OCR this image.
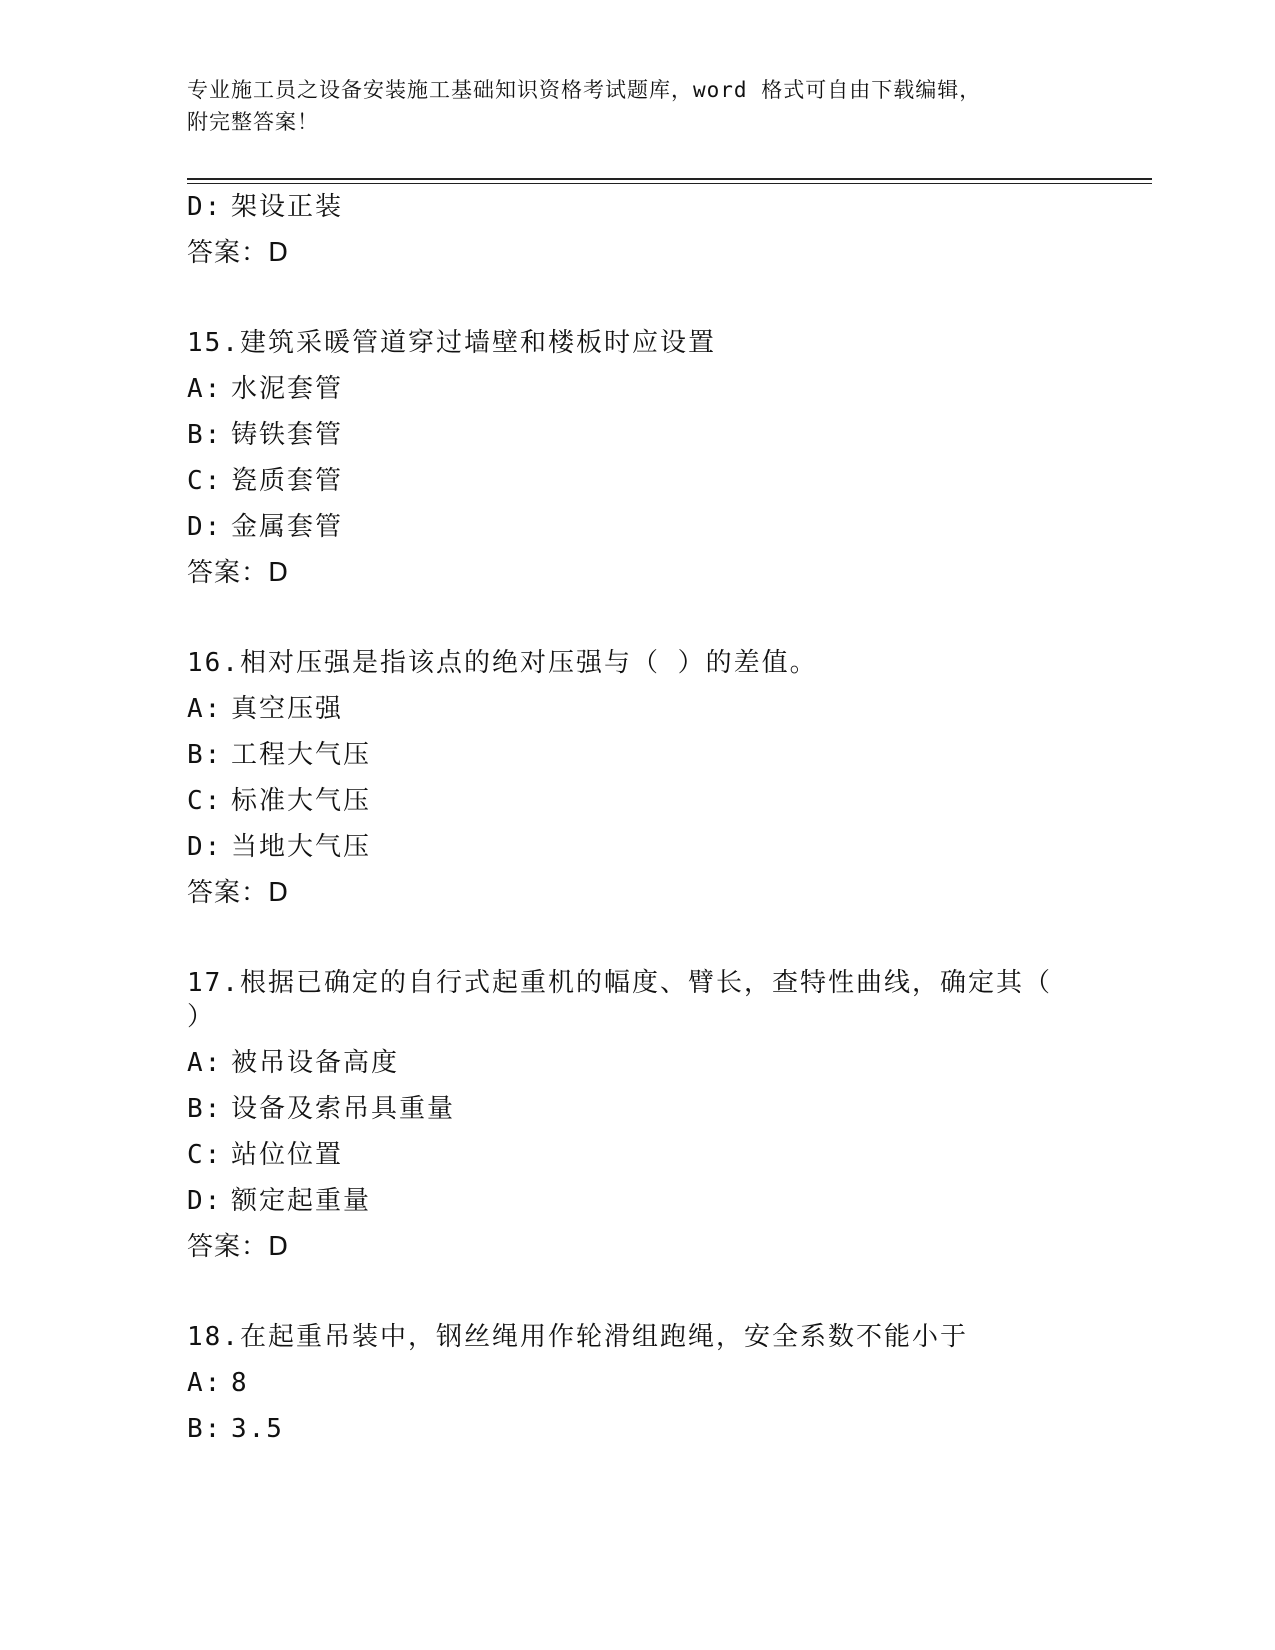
专业施工员之设备安装施工基础知识资格考试题库，word 格式可自由下载编辑，
附完整答案！
D: 架设正装
答案：D
15.建筑采暖管道穿过墙壁和楼板时应设置
A: 水泥套管
B: 铸铁套管
C: 瓷质套管
D: 金属套管
答案：D
16.相对压强是指该点的绝对压强与（ ）的差值。
A: 真空压强
B: 工程大气压
C: 标准大气压
D: 当地大气压
答案：D
17.根据已确定的自行式起重机的幅度、臂长，查特性曲线，确定其（
）
A: 被吊设备高度
B: 设备及索吊具重量
C: 站位位置
D: 额定起重量
答案：D
18.在起重吊装中，钢丝绳用作轮滑组跑绳，安全系数不能小于
A: 8
B: 3.5
